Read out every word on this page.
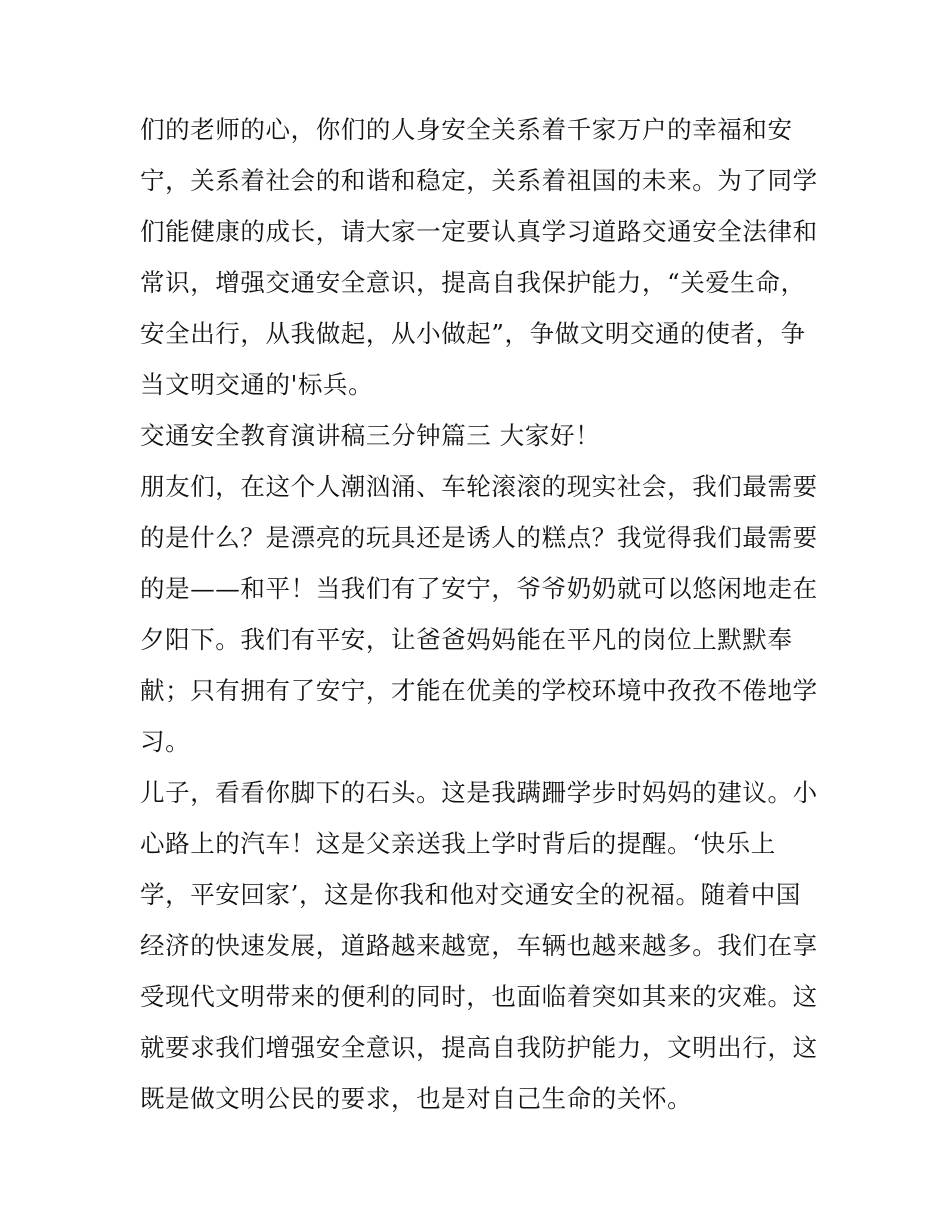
们的老师的心，你们的人身安全关系着千家万户的幸福和安
宁，关系着社会的和谐和稳定，关系着祖国的未来。为了同学
们能健康的成长，请大家一定要认真学习道路交通安全法律和
常识，增强交通安全意识，提高自我保护能力，“关爱生命，
安全出行，从我做起，从小做起”，争做文明交通的使者，争
当文明交通的'标兵。
交通安全教育演讲稿三分钟篇三 大家好！
朋友们，在这个人潮汹涌、车轮滚滚的现实社会，我们最需要
的是什么？是漂亮的玩具还是诱人的糕点？我觉得我们最需要
的是——和平！当我们有了安宁，爷爷奶奶就可以悠闲地走在
夕阳下。我们有平安，让爸爸妈妈能在平凡的岗位上默默奉
献；只有拥有了安宁，才能在优美的学校环境中孜孜不倦地学
习。
儿子，看看你脚下的石头。这是我蹒跚学步时妈妈的建议。小
心路上的汽车！这是父亲送我上学时背后的提醒。‘快乐上
学，平安回家’，这是你我和他对交通安全的祝福。随着中国
经济的快速发展，道路越来越宽，车辆也越来越多。我们在享
受现代文明带来的便利的同时，也面临着突如其来的灾难。这
就要求我们增强安全意识，提高自我防护能力，文明出行，这
既是做文明公民的要求，也是对自己生命的关怀。
